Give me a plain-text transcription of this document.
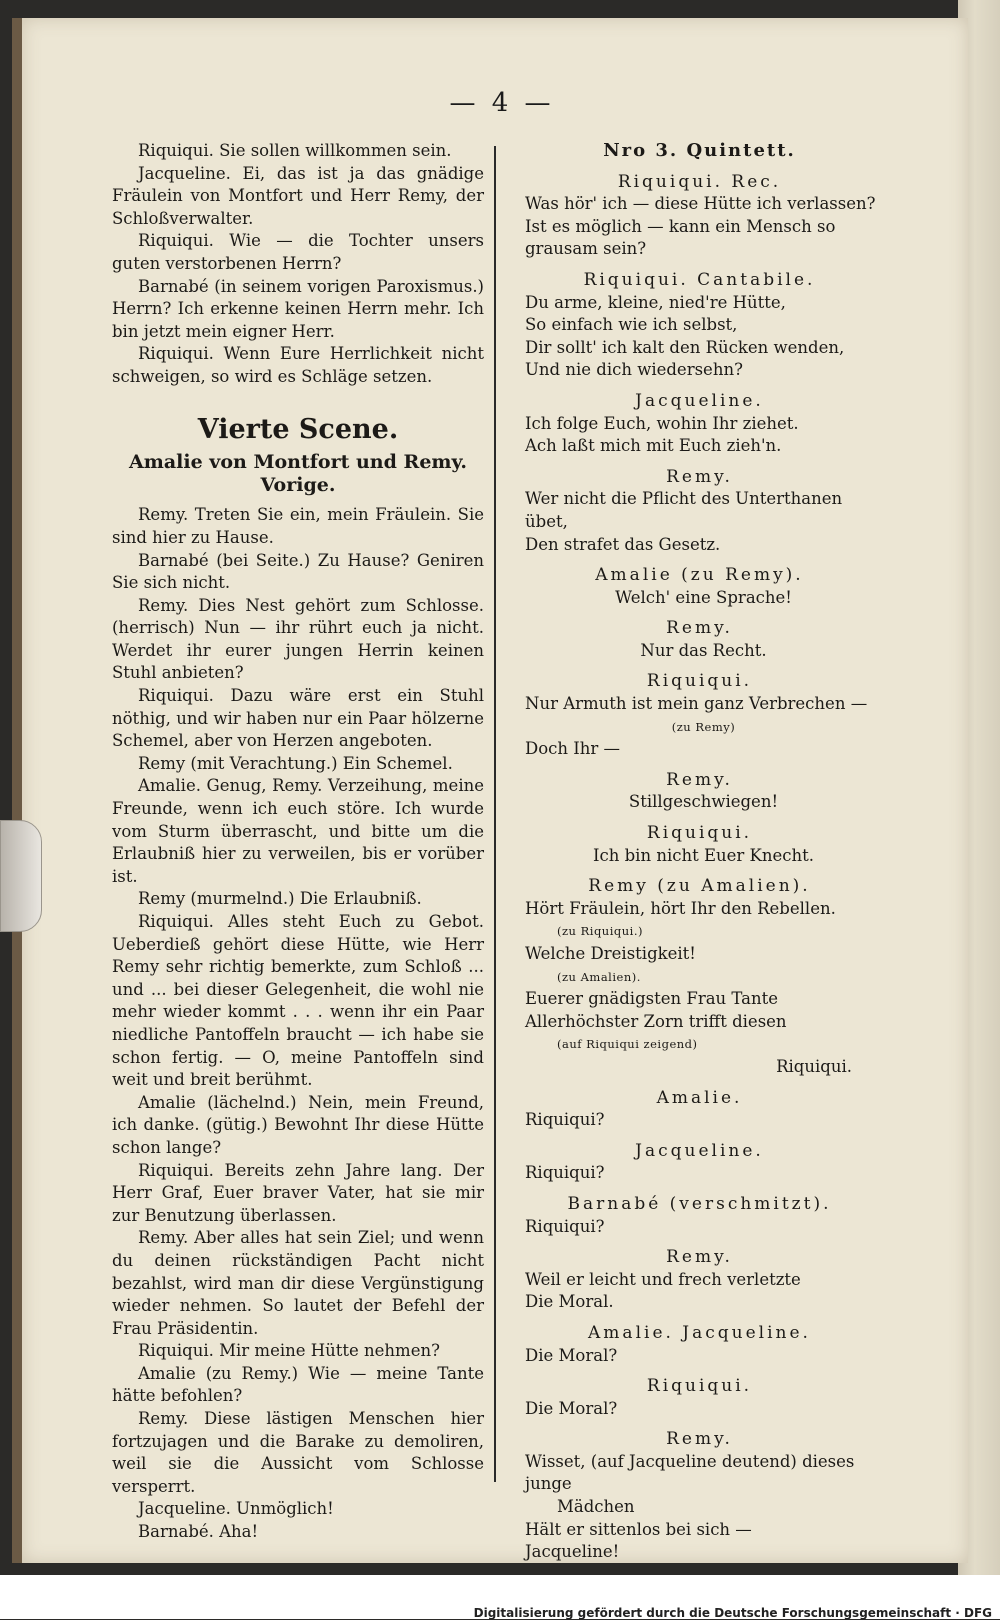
— 4 —

Riquiqui. Sie sollen willkommen sein.

Jacqueline. Ei, das ist ja das gnädige Fräulein von Montfort und Herr Remy, der Schloßverwalter.

Riquiqui. Wie — die Tochter unsers guten verstorbenen Herrn?

Barnabé (in seinem vorigen Paroxismus.) Herrn? Ich erkenne keinen Herrn mehr. Ich bin jetzt mein eigner Herr.

Riquiqui. Wenn Eure Herrlichkeit nicht schweigen, so wird es Schläge setzen.

Vierte Scene.

Amalie von Montfort und Remy. Vorige.

Remy. Treten Sie ein, mein Fräulein. Sie sind hier zu Hause.

Barnabé (bei Seite.) Zu Hause? Geniren Sie sich nicht.

Remy. Dies Nest gehört zum Schlosse. (herrisch) Nun — ihr rührt euch ja nicht. Werdet ihr eurer jungen Herrin keinen Stuhl anbieten?

Riquiqui. Dazu wäre erst ein Stuhl nöthig, und wir haben nur ein Paar hölzerne Schemel, aber von Herzen angeboten.

Remy (mit Verachtung.) Ein Schemel.

Amalie. Genug, Remy. Verzeihung, meine Freunde, wenn ich euch störe. Ich wurde vom Sturm überrascht, und bitte um die Erlaubniß hier zu verweilen, bis er vorüber ist.

Remy (murmelnd.) Die Erlaubniß.

Riquiqui. Alles steht Euch zu Gebot. Ueberdieß gehört diese Hütte, wie Herr Remy sehr richtig bemerkte, zum Schloß ... und ... bei dieser Gelegenheit, die wohl nie mehr wieder kommt . . . wenn ihr ein Paar niedliche Pantoffeln braucht — ich habe sie schon fertig. — O, meine Pantoffeln sind weit und breit berühmt.

Amalie (lächelnd.) Nein, mein Freund, ich danke. (gütig.) Bewohnt Ihr diese Hütte schon lange?

Riquiqui. Bereits zehn Jahre lang. Der Herr Graf, Euer braver Vater, hat sie mir zur Benutzung überlassen.

Remy. Aber alles hat sein Ziel; und wenn du deinen rückständigen Pacht nicht bezahlst, wird man dir diese Vergünstigung wieder nehmen. So lautet der Befehl der Frau Präsidentin.

Riquiqui. Mir meine Hütte nehmen?

Amalie (zu Remy.) Wie — meine Tante hätte befohlen?

Remy. Diese lästigen Menschen hier fortzujagen und die Barake zu demoliren, weil sie die Aussicht vom Schlosse versperrt.

Jacqueline. Unmöglich!

Barnabé. Aha!

Nro 3. Quintett.

Riquiqui. Rec.

Was hör' ich — diese Hütte ich verlassen?

Ist es möglich — kann ein Mensch so grausam sein?

Riquiqui. Cantabile.

Du arme, kleine, nied're Hütte,

So einfach wie ich selbst,

Dir sollt' ich kalt den Rücken wenden,

Und nie dich wiedersehn?

Jacqueline.

Ich folge Euch, wohin Ihr ziehet.

Ach laßt mich mit Euch zieh'n.

Remy.

Wer nicht die Pflicht des Unterthanen übet,

Den strafet das Gesetz.

Amalie (zu Remy).

Welch' eine Sprache!

Remy.

Nur das Recht.

Riquiqui.

Nur Armuth ist mein ganz Verbrechen —

(zu Remy)

Doch Ihr —

Remy.

Stillgeschwiegen!

Riquiqui.

Ich bin nicht Euer Knecht.

Remy (zu Amalien).

Hört Fräulein, hört Ihr den Rebellen.

(zu Riquiqui.)

Welche Dreistigkeit!

(zu Amalien).

Euerer gnädigsten Frau Tante

Allerhöchster Zorn trifft diesen

(auf Riquiqui zeigend)

Riquiqui.

Amalie.

Riquiqui?

Jacqueline.

Riquiqui?

Barnabé (verschmitzt).

Riquiqui?

Remy.

Weil er leicht und frech verletzte

Die Moral.

Amalie. Jacqueline.

Die Moral?

Riquiqui.

Die Moral?

Remy.

Wisset, (auf Jacqueline deutend) dieses junge

Mädchen

Hält er sittenlos bei sich —

Jacqueline!

Digitalisierung gefördert durch die Deutsche Forschungsgemeinschaft · DFG
